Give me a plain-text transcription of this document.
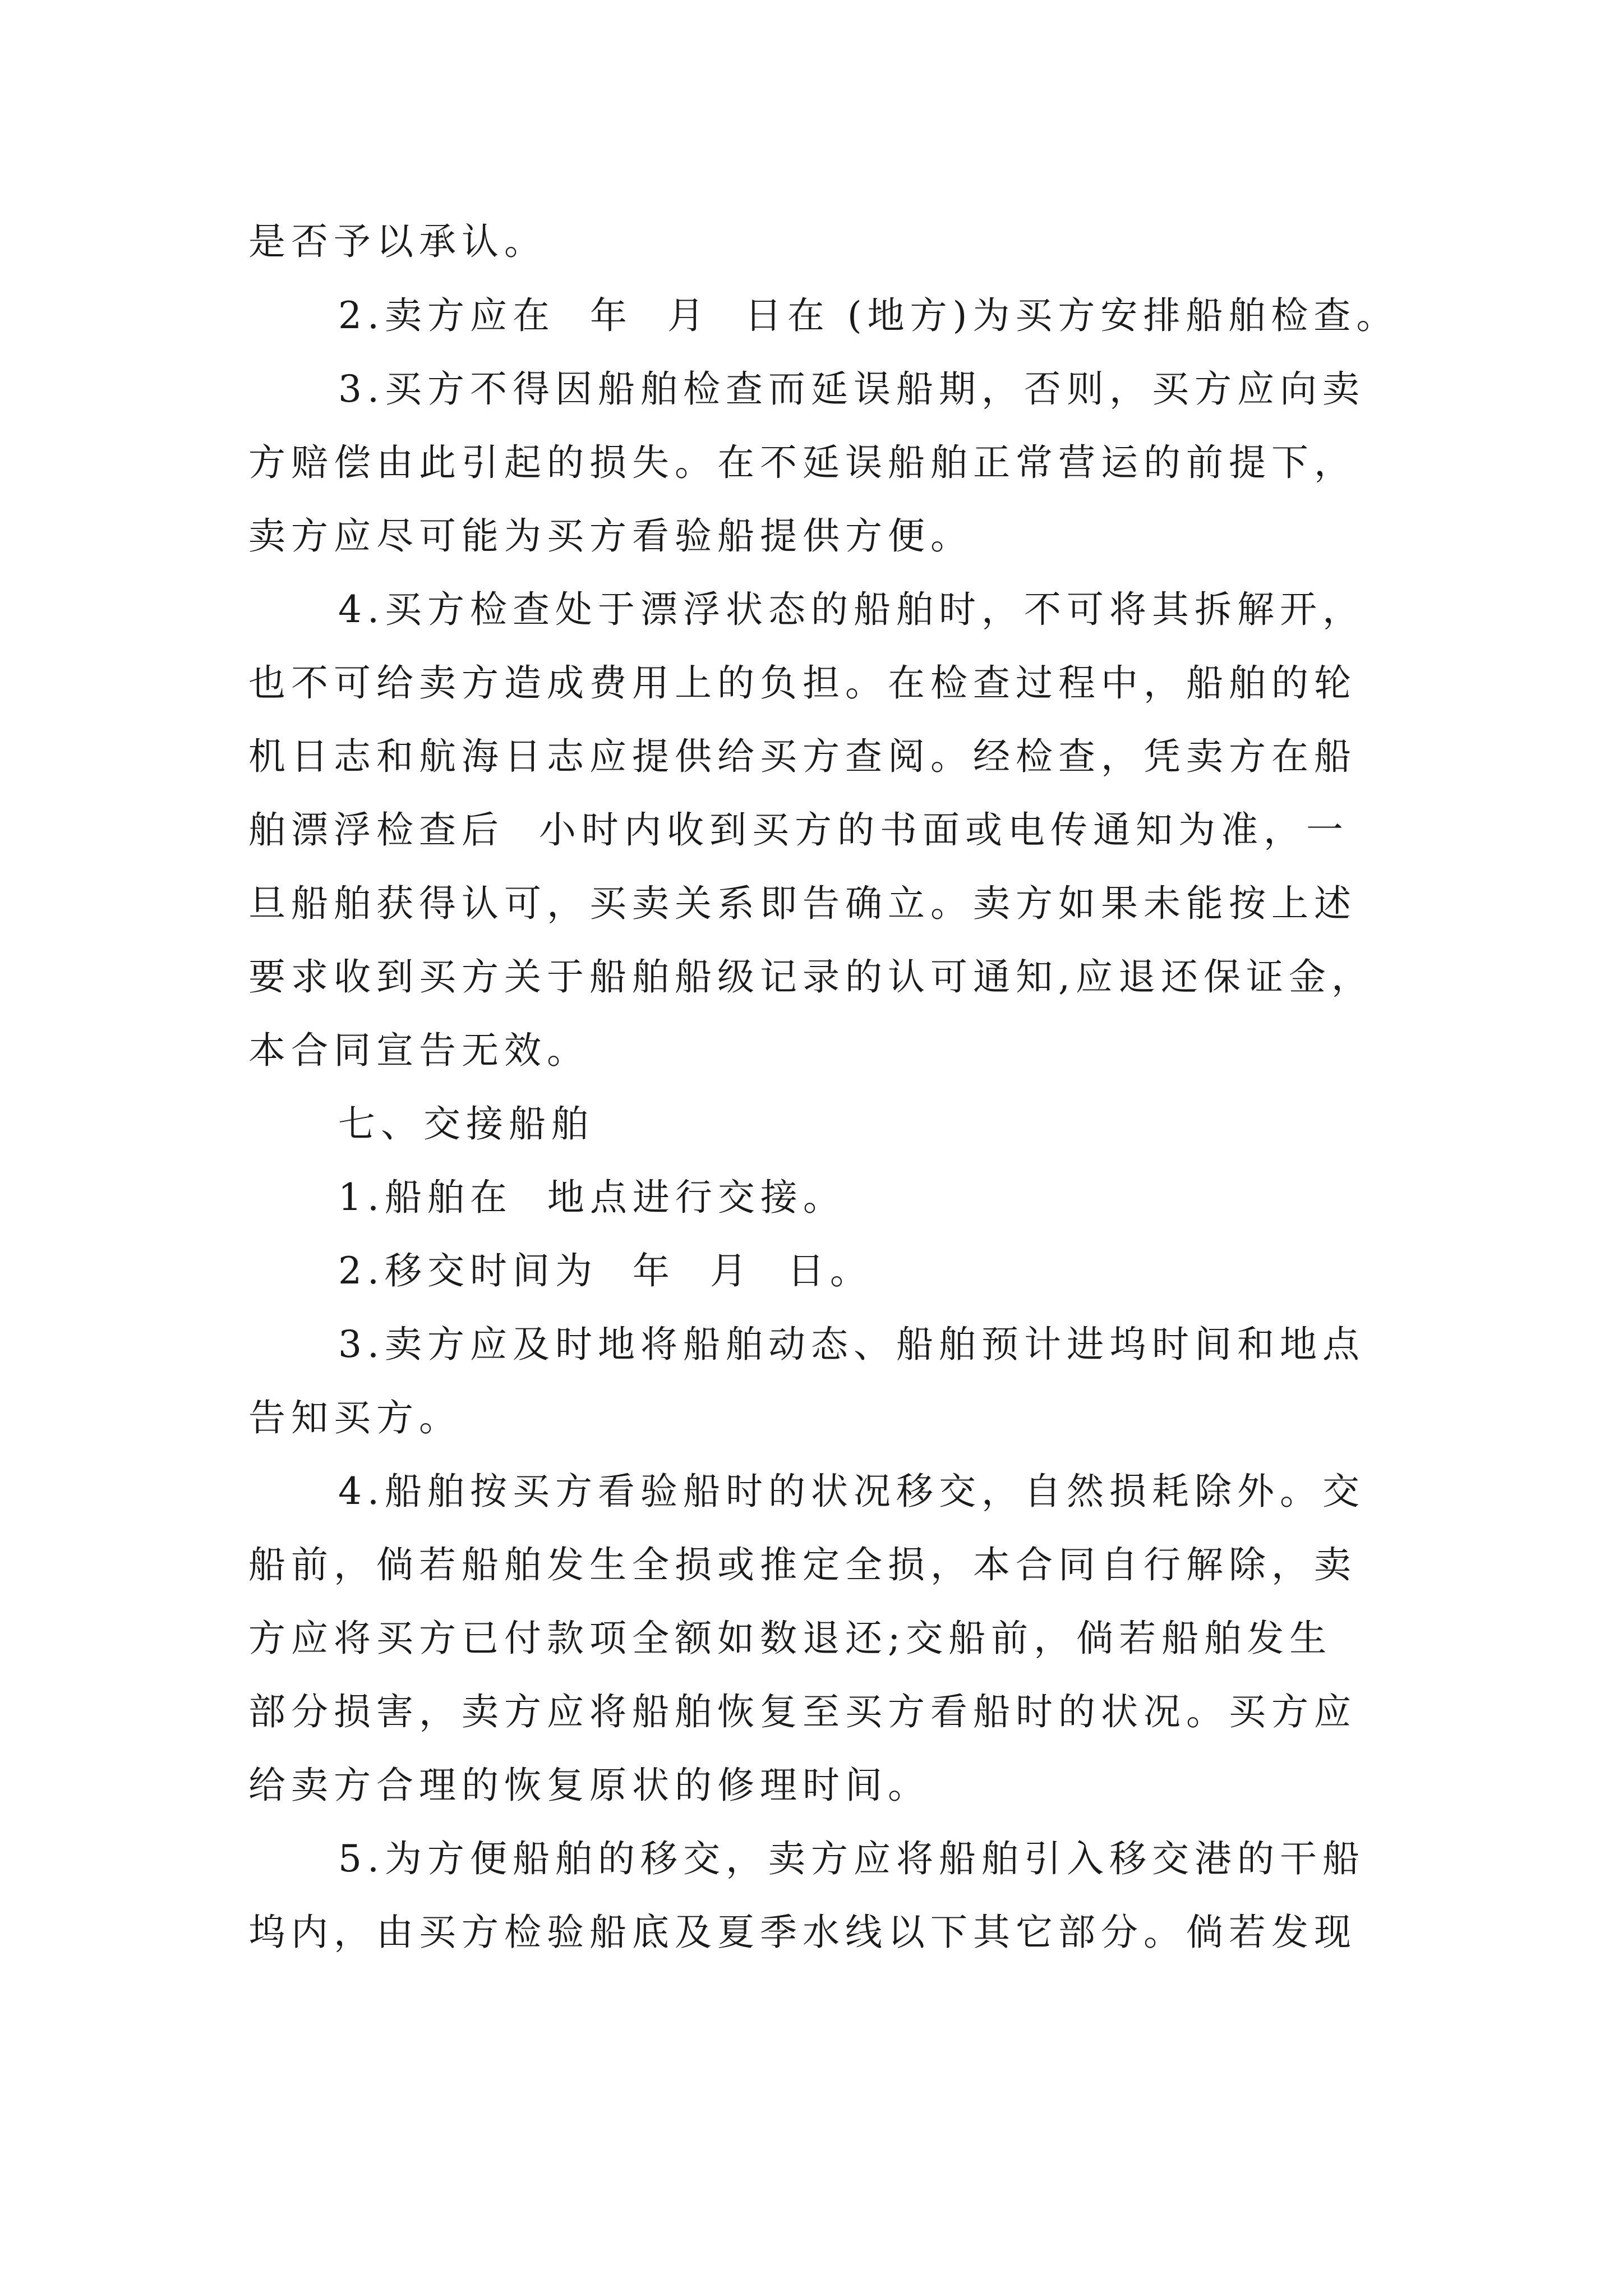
是否予以承认。
2.卖方应在  年  月  日在 (地方)为买方安排船舶检查。
3.买方不得因船舶检查而延误船期，否则，买方应向卖
方赔偿由此引起的损失。在不延误船舶正常营运的前提下，
卖方应尽可能为买方看验船提供方便。
4.买方检查处于漂浮状态的船舶时，不可将其拆解开，
也不可给卖方造成费用上的负担。在检查过程中，船舶的轮
机日志和航海日志应提供给买方查阅。经检查，凭卖方在船
舶漂浮检查后  小时内收到买方的书面或电传通知为准，一
旦船舶获得认可，买卖关系即告确立。卖方如果未能按上述
要求收到买方关于船舶船级记录的认可通知,应退还保证金，
本合同宣告无效。
七、交接船舶
1.船舶在  地点进行交接。
2.移交时间为  年  月  日。
3.卖方应及时地将船舶动态、船舶预计进坞时间和地点
告知买方。
4.船舶按买方看验船时的状况移交，自然损耗除外。交
船前，倘若船舶发生全损或推定全损，本合同自行解除，卖
方应将买方已付款项全额如数退还;交船前，倘若船舶发生
部分损害，卖方应将船舶恢复至买方看船时的状况。买方应
给卖方合理的恢复原状的修理时间。
5.为方便船舶的移交，卖方应将船舶引入移交港的干船
坞内，由买方检验船底及夏季水线以下其它部分。倘若发现
